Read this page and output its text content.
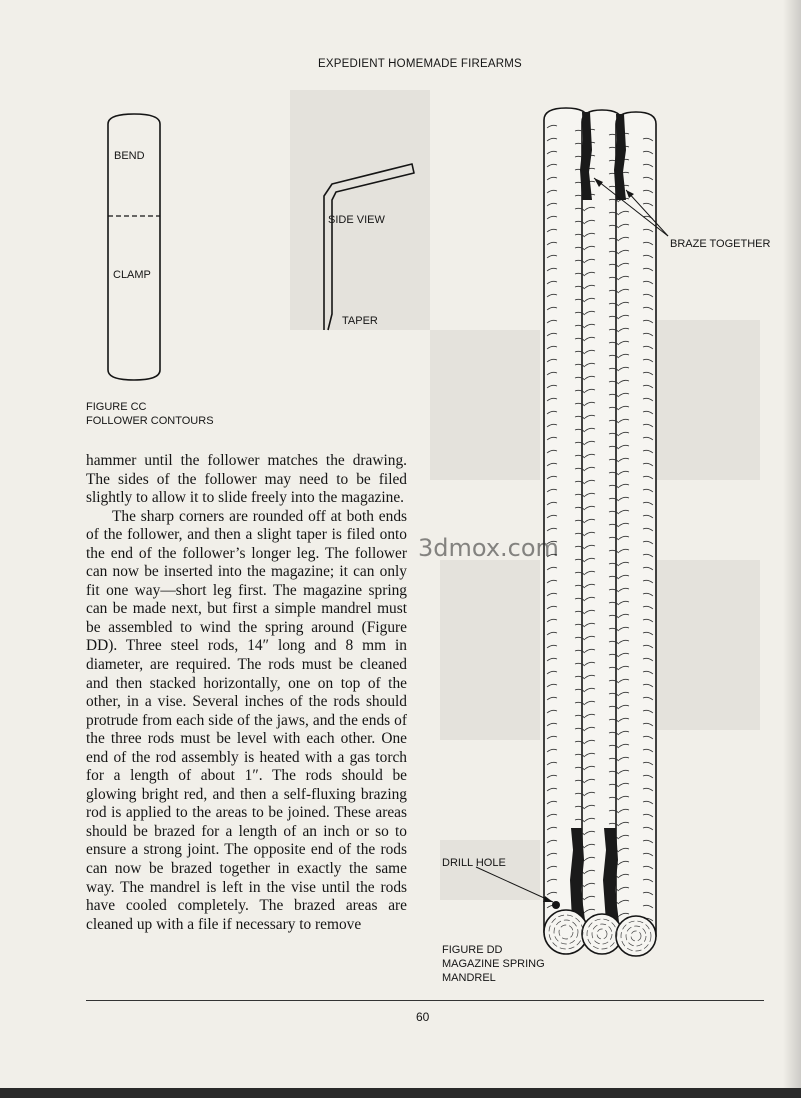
EXPEDIENT HOMEMADE FIREARMS
BEND
CLAMP
SIDE VIEW
TAPER
FIGURE CC
FOLLOWER CONTOURS
hammer until the follower matches the drawing. The sides of the follower may need to be filed slightly to allow it to slide freely into the magazine.
The sharp corners are rounded off at both ends of the follower, and then a slight taper is filed onto the end of the follower’s longer leg. The follower can now be inserted into the magazine; it can only fit one way—short leg first. The magazine spring can be made next, but first a simple mandrel must be assembled to wind the spring around (Figure DD). Three steel rods, 14″ long and 8 mm in diameter, are required. The rods must be cleaned and then stacked horizontally, one on top of the other, in a vise. Several inches of the rods should protrude from each side of the jaws, and the ends of the three rods must be level with each other. One end of the rod assembly is heated with a gas torch for a length of about 1″. The rods should be glowing bright red, and then a self-fluxing brazing rod is applied to the areas to be joined. These areas should be brazed for a length of an inch or so to ensure a strong joint. The opposite end of the rods can now be brazed together in exactly the same way. The mandrel is left in the vise until the rods have cooled completely. The brazed areas are cleaned up with a file if necessary to remove
BRAZE TOGETHER
DRILL HOLE
FIGURE DD
MAGAZINE SPRING
MANDREL
3dmox.com
60
